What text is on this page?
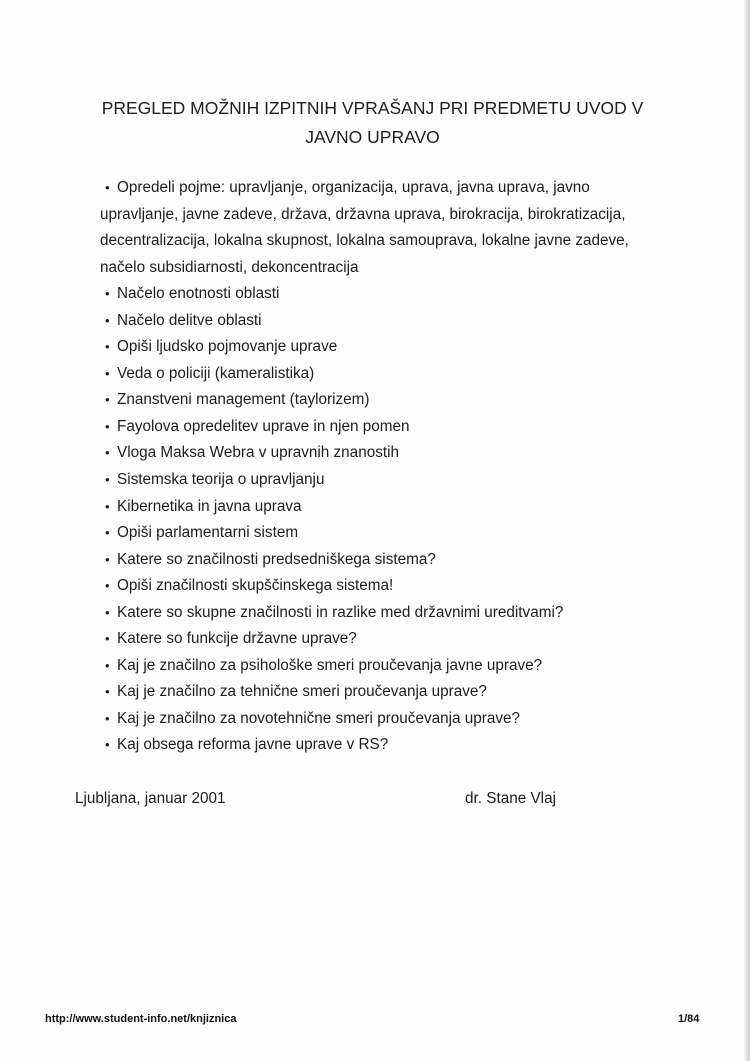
PREGLED MOŽNIH IZPITNIH VPRAŠANJ PRI PREDMETU UVOD V
JAVNO UPRAVO
• Opredeli pojme: upravljanje, organizacija, uprava, javna uprava, javno
upravljanje, javne zadeve, država, državna uprava, birokracija, birokratizacija,
decentralizacija, lokalna skupnost, lokalna samouprava, lokalne javne zadeve,
načelo subsidiarnosti, dekoncentracija
• Načelo enotnosti oblasti
• Načelo delitve oblasti
• Opiši ljudsko pojmovanje uprave
• Veda o policiji (kameralistika)
• Znanstveni management (taylorizem)
• Fayolova opredelitev uprave in njen pomen
• Vloga Maksa Webra v upravnih znanostih
• Sistemska teorija o upravljanju
• Kibernetika in javna uprava
• Opiši parlamentarni sistem
• Katere so značilnosti predsedniškega sistema?
• Opiši značilnosti skupščinskega sistema!
• Katere so skupne značilnosti in razlike med državnimi ureditvami?
• Katere so funkcije državne uprave?
• Kaj je značilno za psihološke smeri proučevanja javne uprave?
• Kaj je značilno za tehnične smeri proučevanja uprave?
• Kaj je značilno za novotehnične smeri proučevanja uprave?
• Kaj obsega reforma javne uprave v RS?
Ljubljana, januar 2001	dr. Stane Vlaj
http://www.student-info.net/knjiznica	1/84
